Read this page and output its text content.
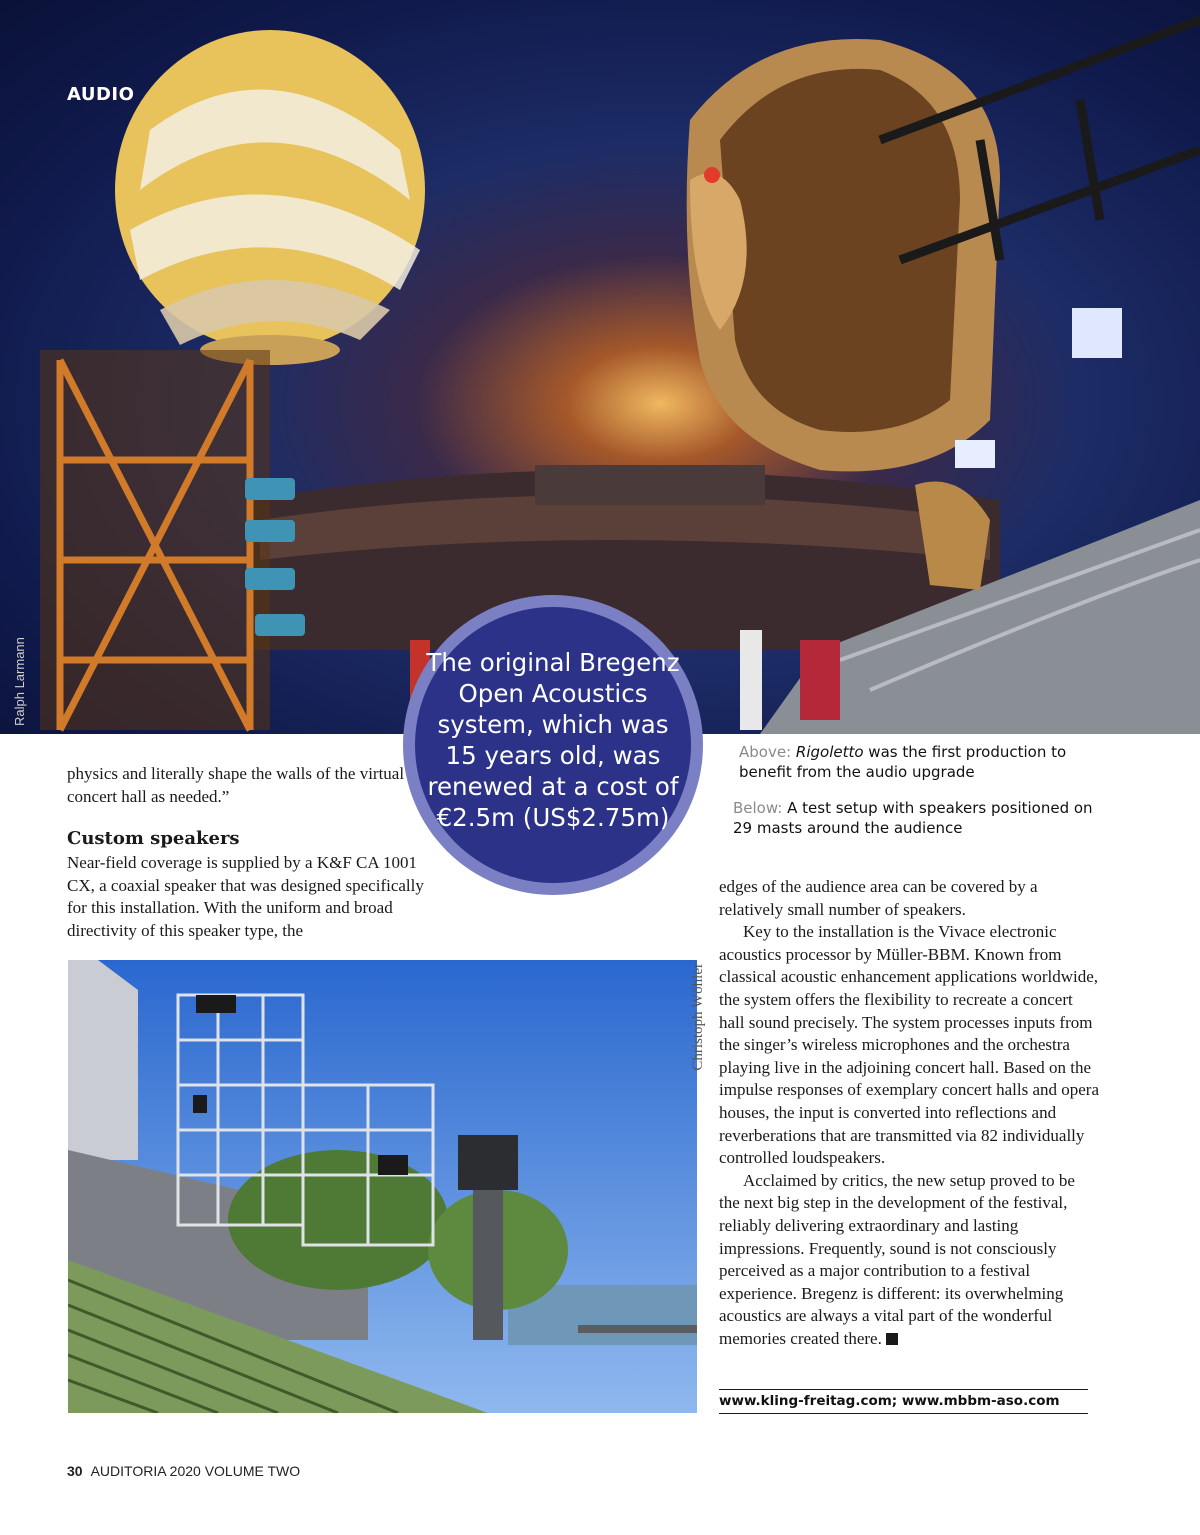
AUDIO
Ralph Larmann	The original Bregenz Open Acoustics system, which was 15 years old, was renewed at a cost of €2.5m (US$2.75m)
Above: Rigoletto was the first production to benefit from the audio upgrade
Below: A test setup with speakers positioned on 29 masts around the audience
physics and literally shape the walls of the virtual concert hall as needed.”
Custom speakers
Near-field coverage is supplied by a K&F CA 1001 CX, a coaxial speaker that was designed specifically for this installation. With the uniform and broad directivity of this speaker type, the

edges of the audience area can be covered by a relatively small number of speakers.

Key to the installation is the Vivace electronic acoustics processor by Müller-BBM. Known from classical acoustic enhancement applications worldwide, the system offers the flexibility to recreate a concert hall sound precisely. The system processes inputs from the singer’s wireless microphones and the orchestra playing live in the adjoining concert hall. Based on the impulse responses of exemplary concert halls and opera houses, the input is converted into reflections and reverberations that are transmitted via 82 individually controlled loudspeakers.

Acclaimed by critics, the new setup proved to be the next big step in the development of the festival, reliably delivering extraordinary and lasting impressions. Frequently, sound is not consciously perceived as a major contribution to a festival experience. Bregenz is different: its overwhelming acoustics are always a vital part of the wonderful memories created there.

Christoph Wöhler
www.kling-freitag.com; www.mbbm-aso.com
30 AUDITORIA 2020 VOLUME TWO
